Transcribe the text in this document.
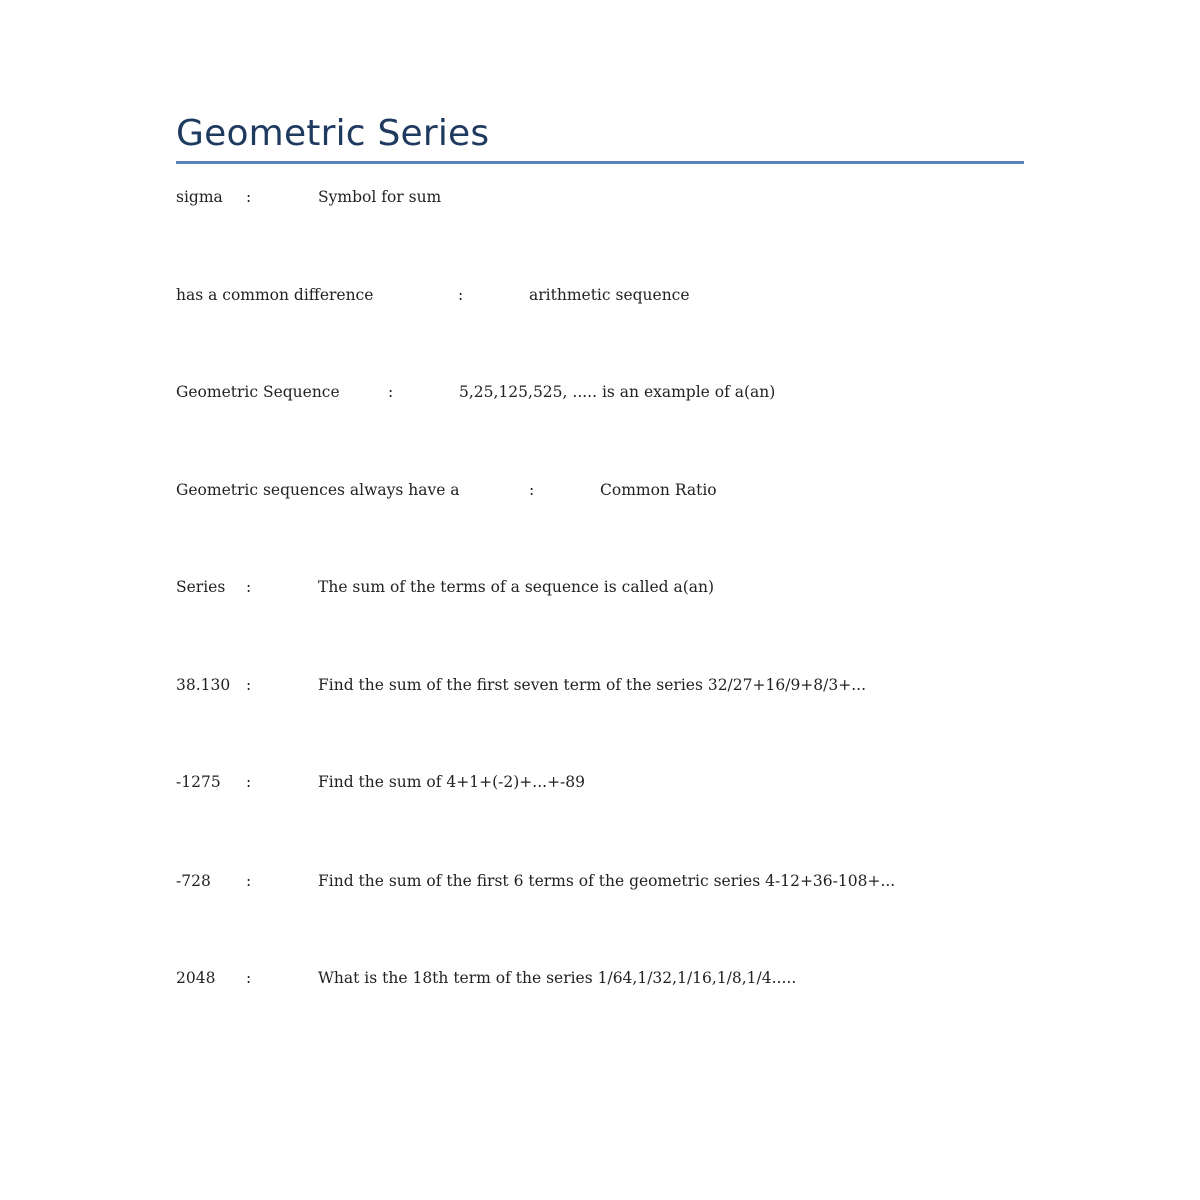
Geometric Series
sigma :	Symbol for sum
has a common difference	:	arithmetic sequence
Geometric Sequence	:	5,25,125,525, ..... is an example of a(an)
Geometric sequences always have a	:	Common Ratio
Series :	The sum of the terms of a sequence is called a(an)
38.130 :	Find the sum of the first seven term of the series 32/27+16/9+8/3+...
-1275 :	Find the sum of 4+1+(-2)+...+-89
-728 :	Find the sum of the first 6 terms of the geometric series 4-12+36-108+...
2048 :	What is the 18th term of the series 1/64,1/32,1/16,1/8,1/4.....
